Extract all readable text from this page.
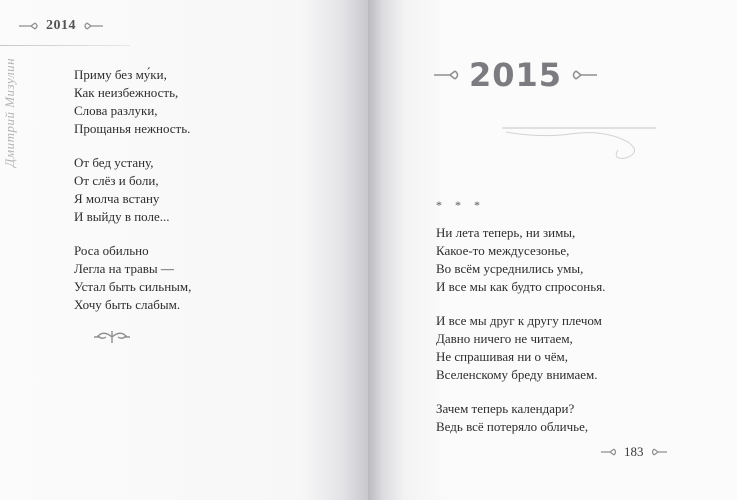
2014
Дмитрий Мизулин	Приму без му́ки,
Как неизбежность,
Слова разлуки,
Прощанья нежность.
От бед устану,
От слёз и боли,
Я молча встану
И выйду в поле...
Роса обильно
Легла на травы —
Устал быть сильным,
Хочу быть слабым.
2015
* * *
Ни лета теперь, ни зимы,
Какое-то междусезонье,
Во всём усреднились умы,
И все мы как будто спросонья.
И все мы друг к другу плечом
Давно ничего не читаем,
Не спрашивая ни о чём,
Вселенскому бреду внимаем.
Зачем теперь календари?
Ведь всё потеряло обличье,
183
